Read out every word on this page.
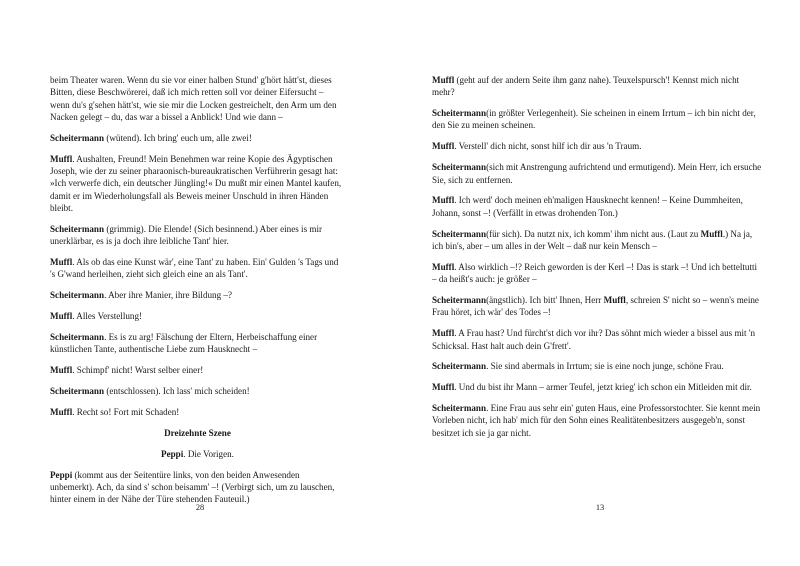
beim Theater waren. Wenn du sie vor einer halben Stund' g'hört hätt'st, dieses Bitten, diese Beschwörerei, daß ich mich retten soll vor deiner Eifersucht – wenn du's g'sehen hätt'st, wie sie mir die Locken gestreichelt, den Arm um den Nacken gelegt – du, das war a bissel a Anblick! Und wie dann –

Scheitermann (wütend). Ich bring' euch um, alle zwei!

Muffl. Aushalten, Freund! Mein Benehmen war reine Kopie des Ägyptischen Joseph, wie der zu seiner pharaonisch-bureaukratischen Verführerin gesagt hat: »Ich verwerfe dich, ein deutscher Jüngling!« Du mußt mir einen Mantel kaufen, damit er im Wiederholungsfall als Beweis meiner Unschuld in ihren Händen bleibt.

Scheitermann (grimmig). Die Elende! (Sich besinnend.) Aber eines is mir unerklärbar, es is ja doch ihre leibliche Tant' hier.

Muffl. Als ob das eine Kunst wär', eine Tant' zu haben. Ein' Gulden 's Tags und 's G'wand herleihen, zieht sich gleich eine an als Tant'.

Scheitermann. Aber ihre Manier, ihre Bildung –?

Muffl. Alles Verstellung!

Scheitermann. Es is zu arg! Fälschung der Eltern, Herbeischaffung einer künstlichen Tante, authentische Liebe zum Hausknecht –

Muffl. Schimpf' nicht! Warst selber einer!

Scheitermann (entschlossen). Ich lass' mich scheiden!

Muffl. Recht so! Fort mit Schaden!

Dreizehnte Szene
Peppi. Die Vorigen.

Peppi (kommt aus der Seitentüre links, von den beiden Anwesenden unbemerkt). Ach, da sind s' schon beisamm' –! (Verbirgt sich, um zu lauschen, hinter einem in der Nähe der Türe stehenden Fauteuil.)

Muffl (geht auf der andern Seite ihm ganz nahe). Teuxelspursch'! Kennst mich nicht mehr?

Scheitermann(in größter Verlegenheit). Sie scheinen in einem Irrtum – ich bin nicht der, den Sie zu meinen scheinen.

Muffl. Verstell' dich nicht, sonst hilf ich dir aus 'n Traum.

Scheitermann(sich mit Anstrengung aufrichtend und ermutigend). Mein Herr, ich ersuche Sie, sich zu entfernen.

Muffl. Ich werd' doch meinen eh'maligen Hausknecht kennen! – Keine Dummheiten, Johann, sonst –! (Verfällt in etwas drohenden Ton.)

Scheitermann(für sich). Da nutzt nix, ich komm' ihm nicht aus. (Laut zu Muffl.) Na ja, ich bin's, aber – um alles in der Welt – daß nur kein Mensch –

Muffl. Also wirklich –!? Reich geworden is der Kerl –! Das is stark –! Und ich betteltutti – da heißt's auch: je größer –

Scheitermann(ängstlich). Ich bitt' Ihnen, Herr Muffl, schreien S' nicht so – wenn's meine Frau höret, ich wär' des Todes –!

Muffl. A Frau hast? Und fürcht'st dich vor ihr? Das söhnt mich wieder a bissel aus mit 'n Schicksal. Hast halt auch dein G'frett'.

Scheitermann. Sie sind abermals in Irrtum; sie is eine noch junge, schöne Frau.

Muffl. Und du bist ihr Mann – armer Teufel, jetzt krieg' ich schon ein Mitleiden mit dir.

Scheitermann. Eine Frau aus sehr ein' guten Haus, eine Professorstochter. Sie kennt mein Vorleben nicht, ich hab' mich für den Sohn eines Realitätenbesitzers ausgegeb'n, sonst besitzet ich sie ja gar nicht.

28	13
